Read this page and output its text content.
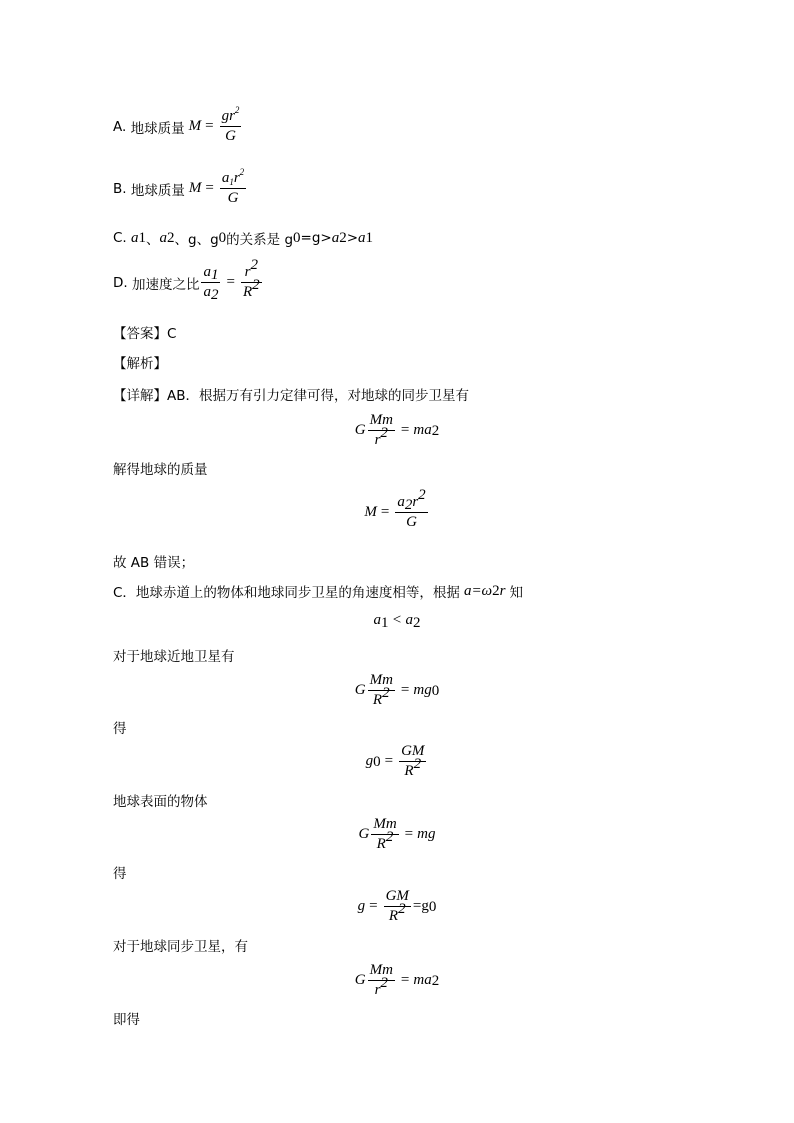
A.
地球质量 $M = \frac{gr^2}{G}$
B.
地球质量 $M = \frac{a_1r^2}{G}$
C.
a 1 、 a 2 、g、g 0 的关系是 g 0 =g> a 2 > a 1
D.
加速度之比 $\frac{a_1}{a_2} = \frac{r^2}{R^2}$
【答案】C
【解析】
【详解】AB．根据万有引力定律可得，对地球的同步卫星有
G $\frac{Mm}{r^2}$ = ma 2
解得地球的质量
$M = \frac{a_2r^2}{G}$
故 AB 错误；
C．地球赤道上的物体和地球同步卫星的角速度相等，根据 a =ω 2 r 知
$a_1 < a_2$
对于地球近地卫星有
G $\frac{Mm}{R^2}$ = mg 0
得
g $0 = \frac{GM}{R^2}$
地球表面的物体
G $\frac{Mm}{R^2}$ = mg
得
$g = \frac{GM}{R^2} =g$ 0
对于地球同步卫星，有
G $\frac{Mm}{r^2}$ = ma 2
即得
